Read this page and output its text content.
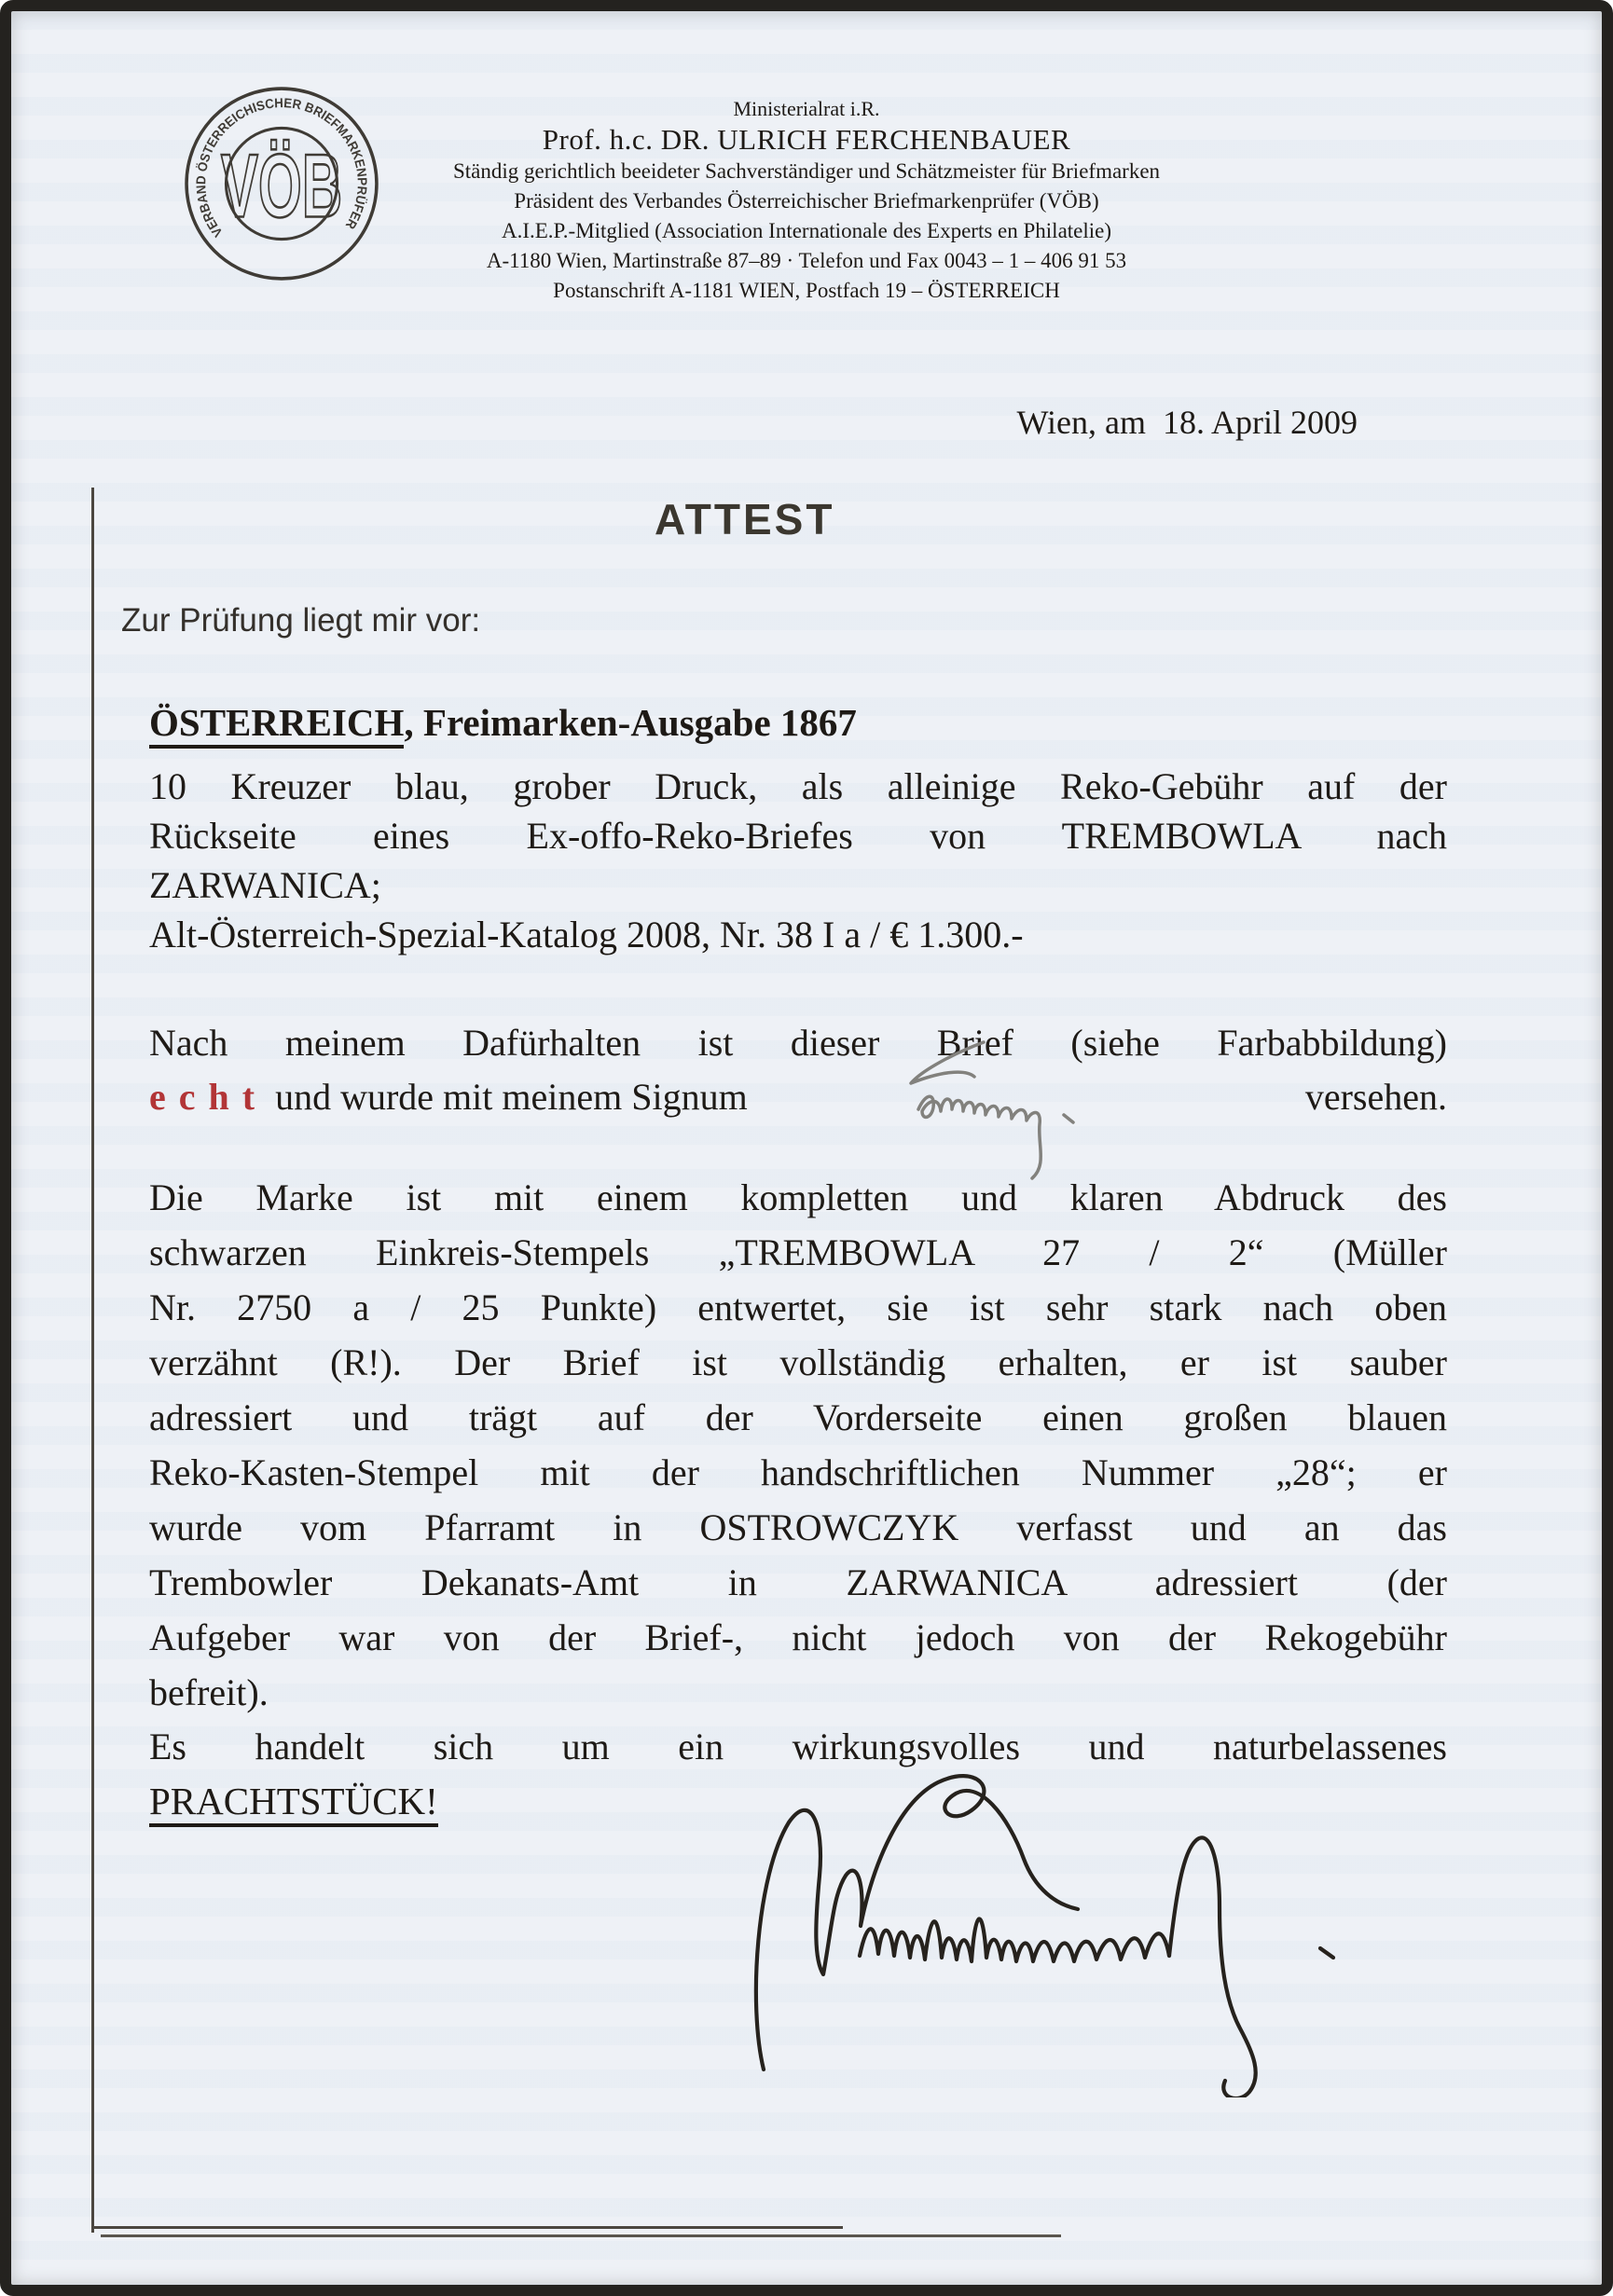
VERBAND ÖSTERREICHISCHER BRIEFMARKENPRÜFER
VÖB
Ministerialrat i.R.
Prof. h.c. DR. ULRICH FERCHENBAUER
Ständig gerichtlich beeideter Sachverständiger und Schätzmeister für Briefmarken
Präsident des Verbandes Österreichischer Briefmarkenprüfer (VÖB)
A.I.E.P.-Mitglied (Association Internationale des Experts en Philatelie)
A-1180 Wien, Martinstraße 87–89 · Telefon und Fax 0043 – 1 – 406 91 53
Postanschrift A-1181 WIEN, Postfach 19 – ÖSTERREICH
Wien, am  18. April 2009
ATTEST
Zur Prüfung liegt mir vor:
ÖSTERREICH, Freimarken-Ausgabe 1867
10 Kreuzer blau, grober Druck, als alleinige Reko-Gebühr auf der
Rückseite eines Ex-offo-Reko-Briefes von TREMBOWLA nach
ZARWANICA;
Alt-Österreich-Spezial-Katalog 2008, Nr. 38 I a / € 1.300.-
Nach meinem Dafürhalten ist dieser Brief (siehe Farbabbildung)
e c h t und wurde mit meinem Signum	versehen.
Die Marke ist mit einem kompletten und klaren Abdruck des
schwarzen Einkreis-Stempels „TREMBOWLA 27 / 2“ (Müller
Nr. 2750 a / 25 Punkte) entwertet, sie ist sehr stark nach oben
verzähnt (R!). Der Brief ist vollständig erhalten, er ist sauber
adressiert und trägt auf der Vorderseite einen großen blauen
Reko-Kasten-Stempel mit der handschriftlichen Nummer „28“; er
wurde vom Pfarramt in OSTROWCZYK verfasst und an das
Trembowler Dekanats-Amt in ZARWANICA adressiert (der
Aufgeber war von der Brief-, nicht jedoch von der Rekogebühr
befreit).
Es handelt sich um ein wirkungsvolles und naturbelassenes
PRACHTSTÜCK!
